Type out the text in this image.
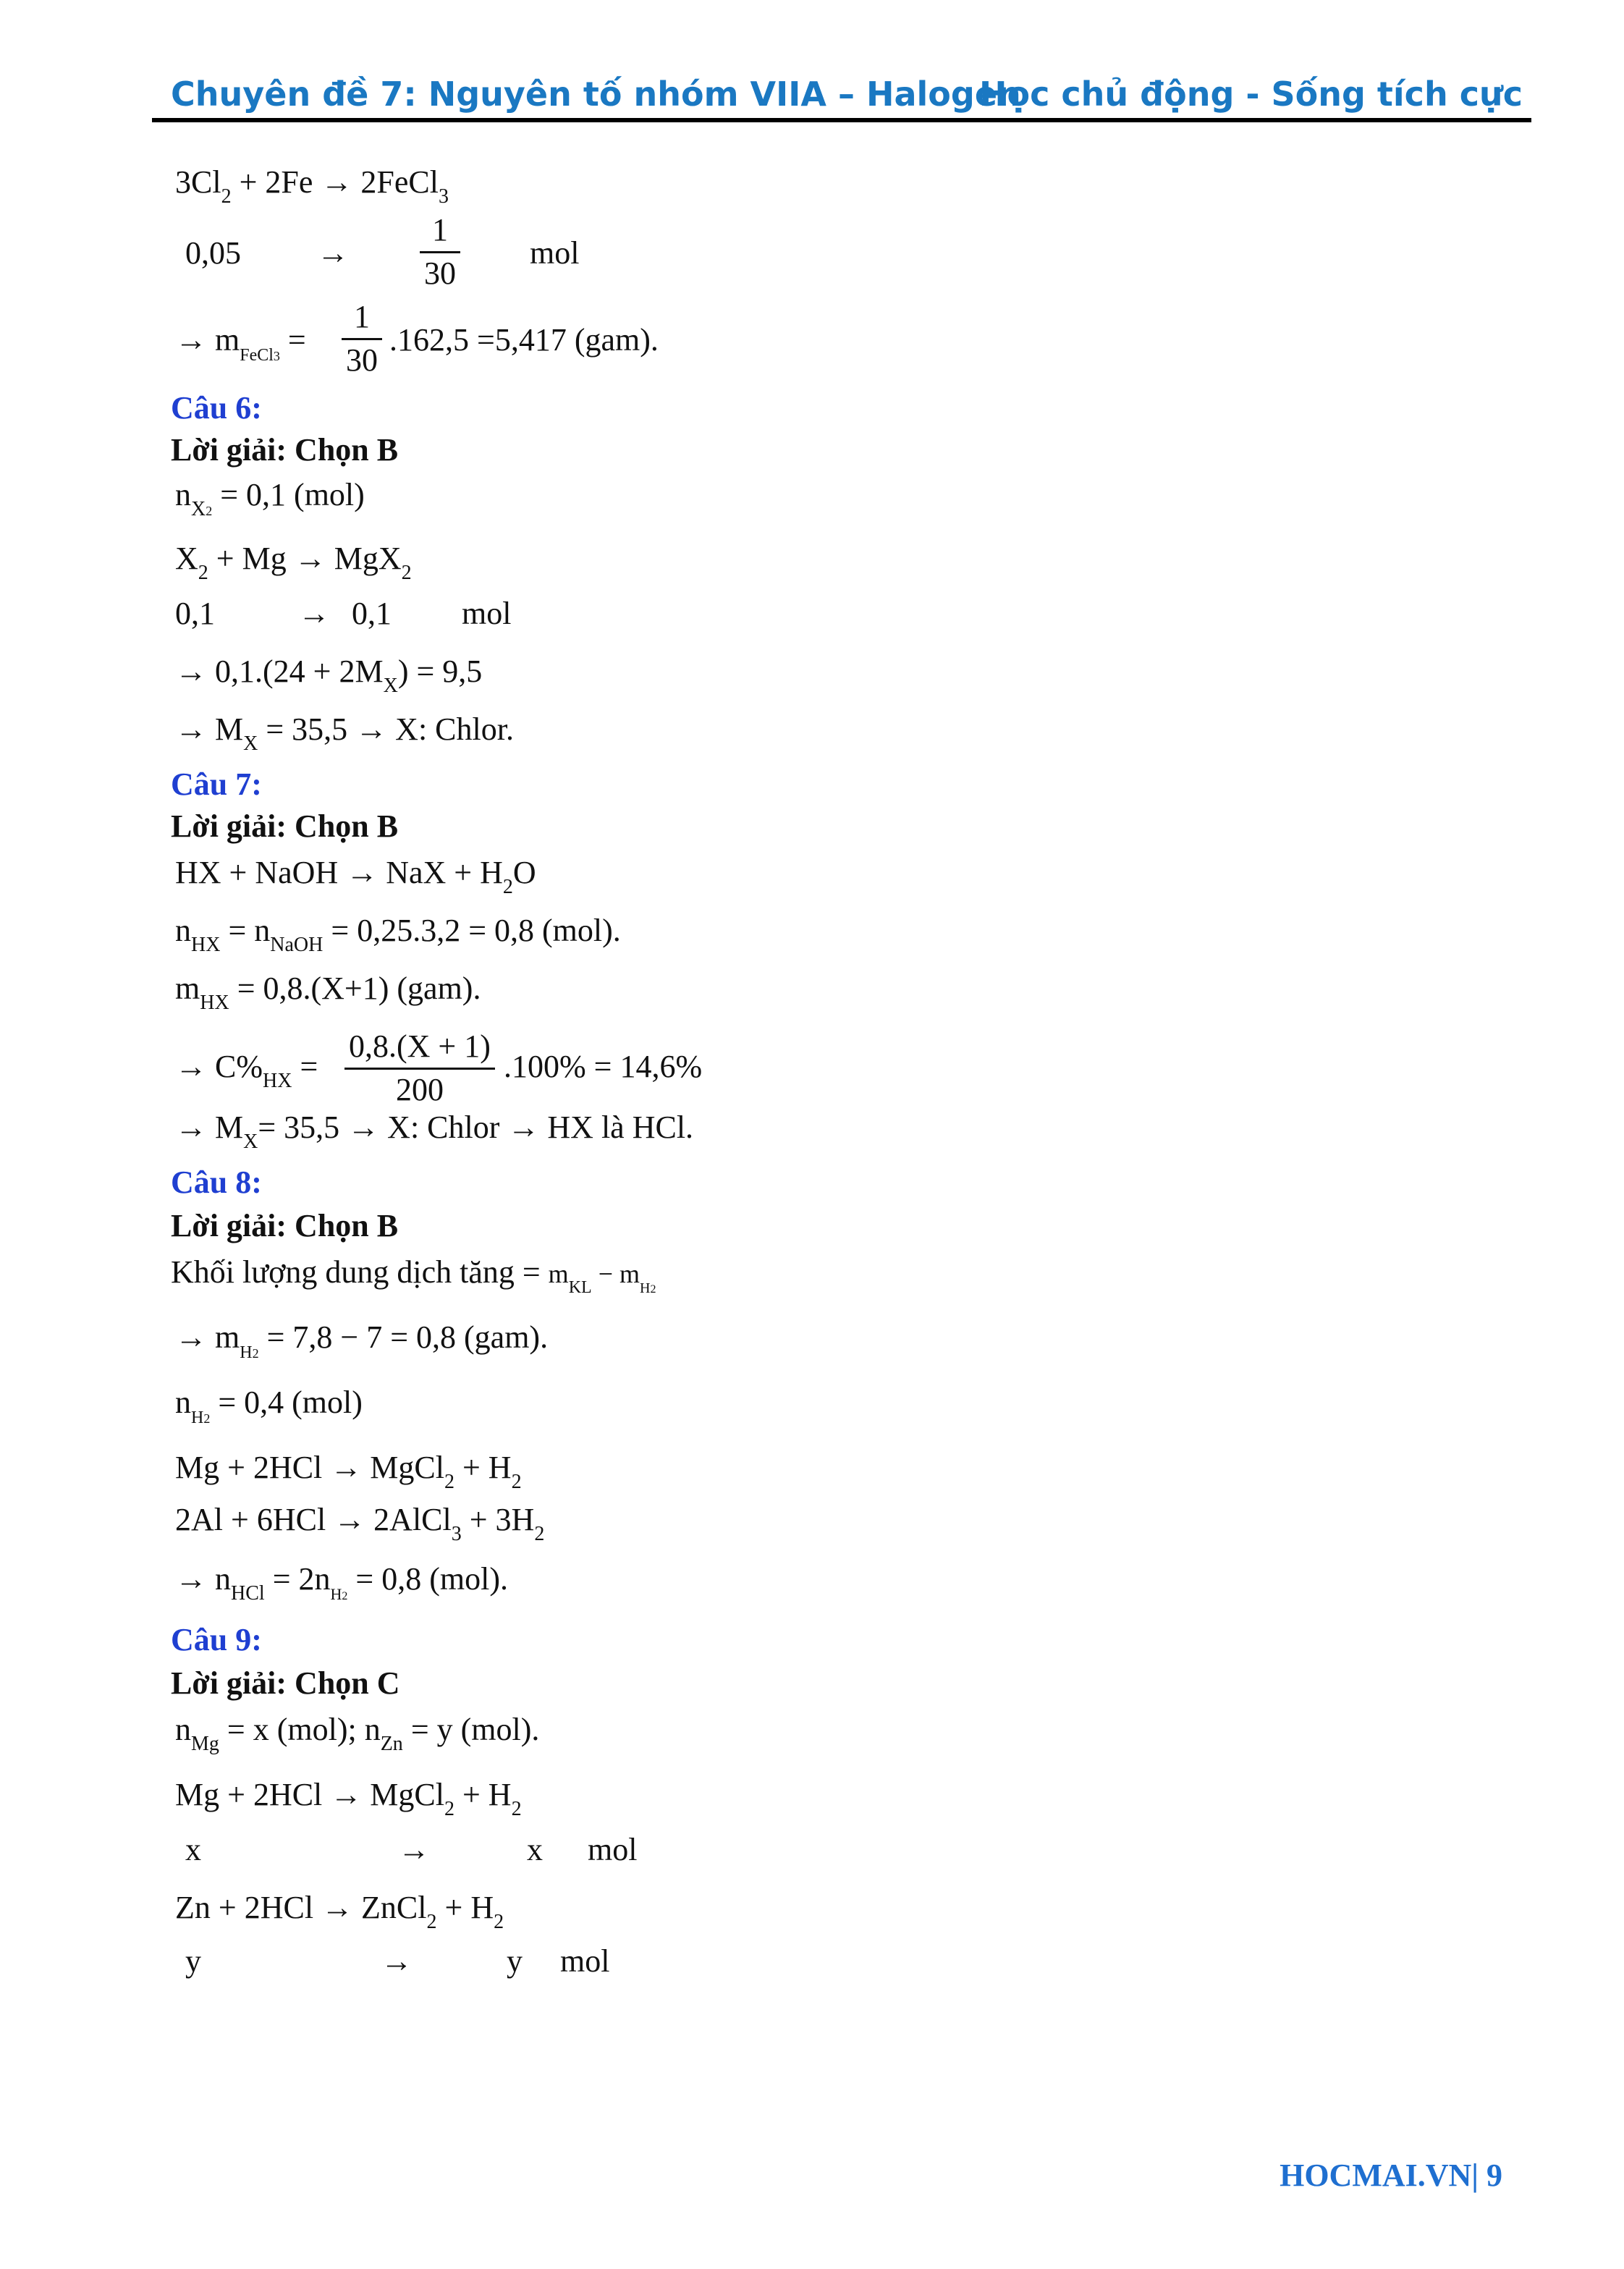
Chuyên đề 7: Nguyên tố nhóm VIIA – Halogen
Học chủ động - Sống tích cực
$3Cl_2 + 2Fe$ → 2FeCl$_3$
$0,05 \to \frac{1}{30}$ mol
→ $m_{FeCl3} = \frac{1}{30} .162,5 =5,417$ (gam).
Câu 6:
Lời giải: Chọn B
$n_{X2} = 0,1$ (mol)
$X_2 + Mg \to MgX_2$
0,1	→ 0,1 mol
→ $0,1.(24 + 2M_X) = 9,5$
→ $M_X = 35,5 \to X$: Chlor.
Câu 7:
Lời giải: Chọn B
HX + NaOH → NaX + $H_2O$
$n_{HX} = n_{NaOH} = 0,25.3,2 = 0,8$ (mol).
$m_{HX} = 0,8.(X+1)$ (gam).
→ $C\%_{HX} = \frac{0,8.(X + 1)}{200} .100\% = 14,6\%$
→ $M_X= 35,5 \to X$: Chlor → HX là HCl.
Câu 8:
Lời giải: Chọn B
Khối lượng dung dịch tăng = $m_{KL} - m_{H2}$
→ $m_{H2} = 7,8 - 7 = 0,8$ (gam).
$n_{H2} = 0,4$ (mol)
Mg + 2HCl → MgCl$_2$ + $H_2$
2Al + 6HCl → 2AlCl$_3$ + $3H_2$
→ $n_{HCl} = 2n_{H2} = 0,8$ (mol).
Câu 9:
Lời giải: Chọn C
$n_{Mg} = x$ (mol); $n_{Zn} = y$ (mol).
Mg + 2HCl → MgCl$_2$ + $H_2$
x	→	x mol
Zn + 2HCl → ZnCl$_2$ + $H_2$
y	→	y mol
HOCMAI.VN| 9
